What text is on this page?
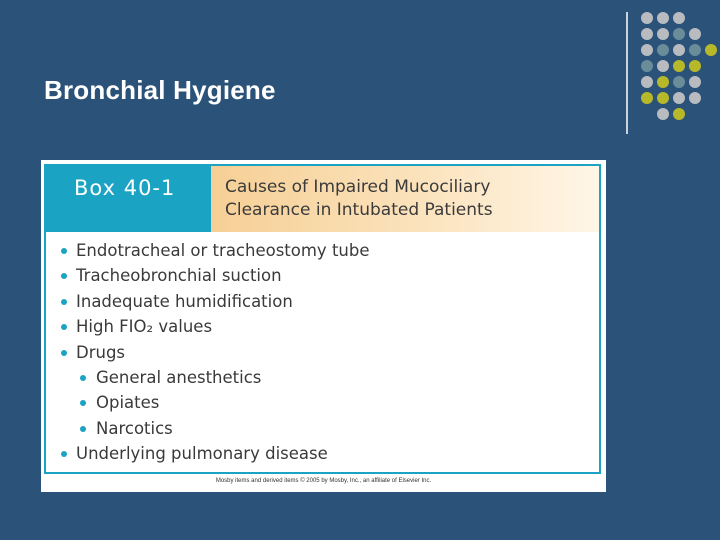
Bronchial Hygiene
Box 40-1	Causes of Impaired Mucociliary
Clearance in Intubated Patients
Endotracheal or tracheostomy tube
Tracheobronchial suction
Inadequate humidification
High FIO₂ values
Drugs
General anesthetics
Opiates
Narcotics
Underlying pulmonary disease
Mosby items and derived items © 2005 by Mosby, Inc., an affiliate of Elsevier Inc.
